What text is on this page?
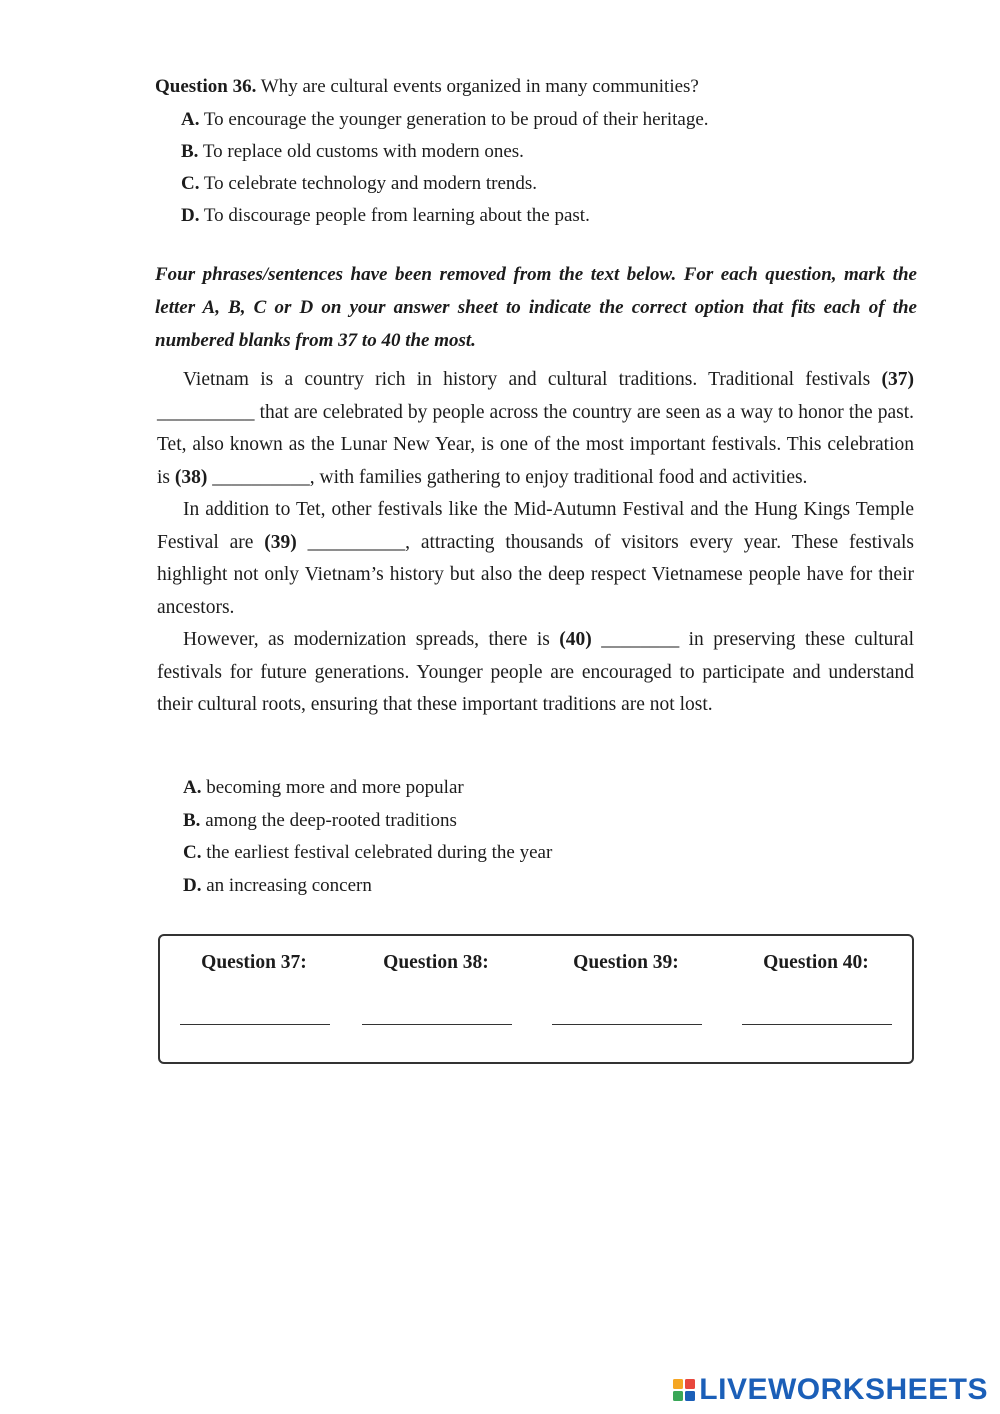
Question 36. Why are cultural events organized in many communities?
A. To encourage the younger generation to be proud of their heritage.
B. To replace old customs with modern ones.
C. To celebrate technology and modern trends.
D. To discourage people from learning about the past.
Four phrases/sentences have been removed from the text below. For each question, mark the letter A, B, C or D on your answer sheet to indicate the correct option that fits each of the numbered blanks from 37 to 40 the most.

Vietnam is a country rich in history and cultural traditions. Traditional festivals (37) __________ that are celebrated by people across the country are seen as a way to honor the past. Tet, also known as the Lunar New Year, is one of the most important festivals. This celebration is (38) __________, with families gathering to enjoy traditional food and activities.

In addition to Tet, other festivals like the Mid-Autumn Festival and the Hung Kings Temple Festival are (39) __________, attracting thousands of visitors every year. These festivals highlight not only Vietnam’s history but also the deep respect Vietnamese people have for their ancestors.

However, as modernization spreads, there is (40) ________ in preserving these cultural festivals for future generations. Younger people are encouraged to participate and understand their cultural roots, ensuring that these important traditions are not lost.

A. becoming more and more popular
B. among the deep-rooted traditions
C. the earliest festival celebrated during the year
D. an increasing concern
Question 37:	Question 38:	Question 39:	Question 40:
LIVEWORKSHEETS
